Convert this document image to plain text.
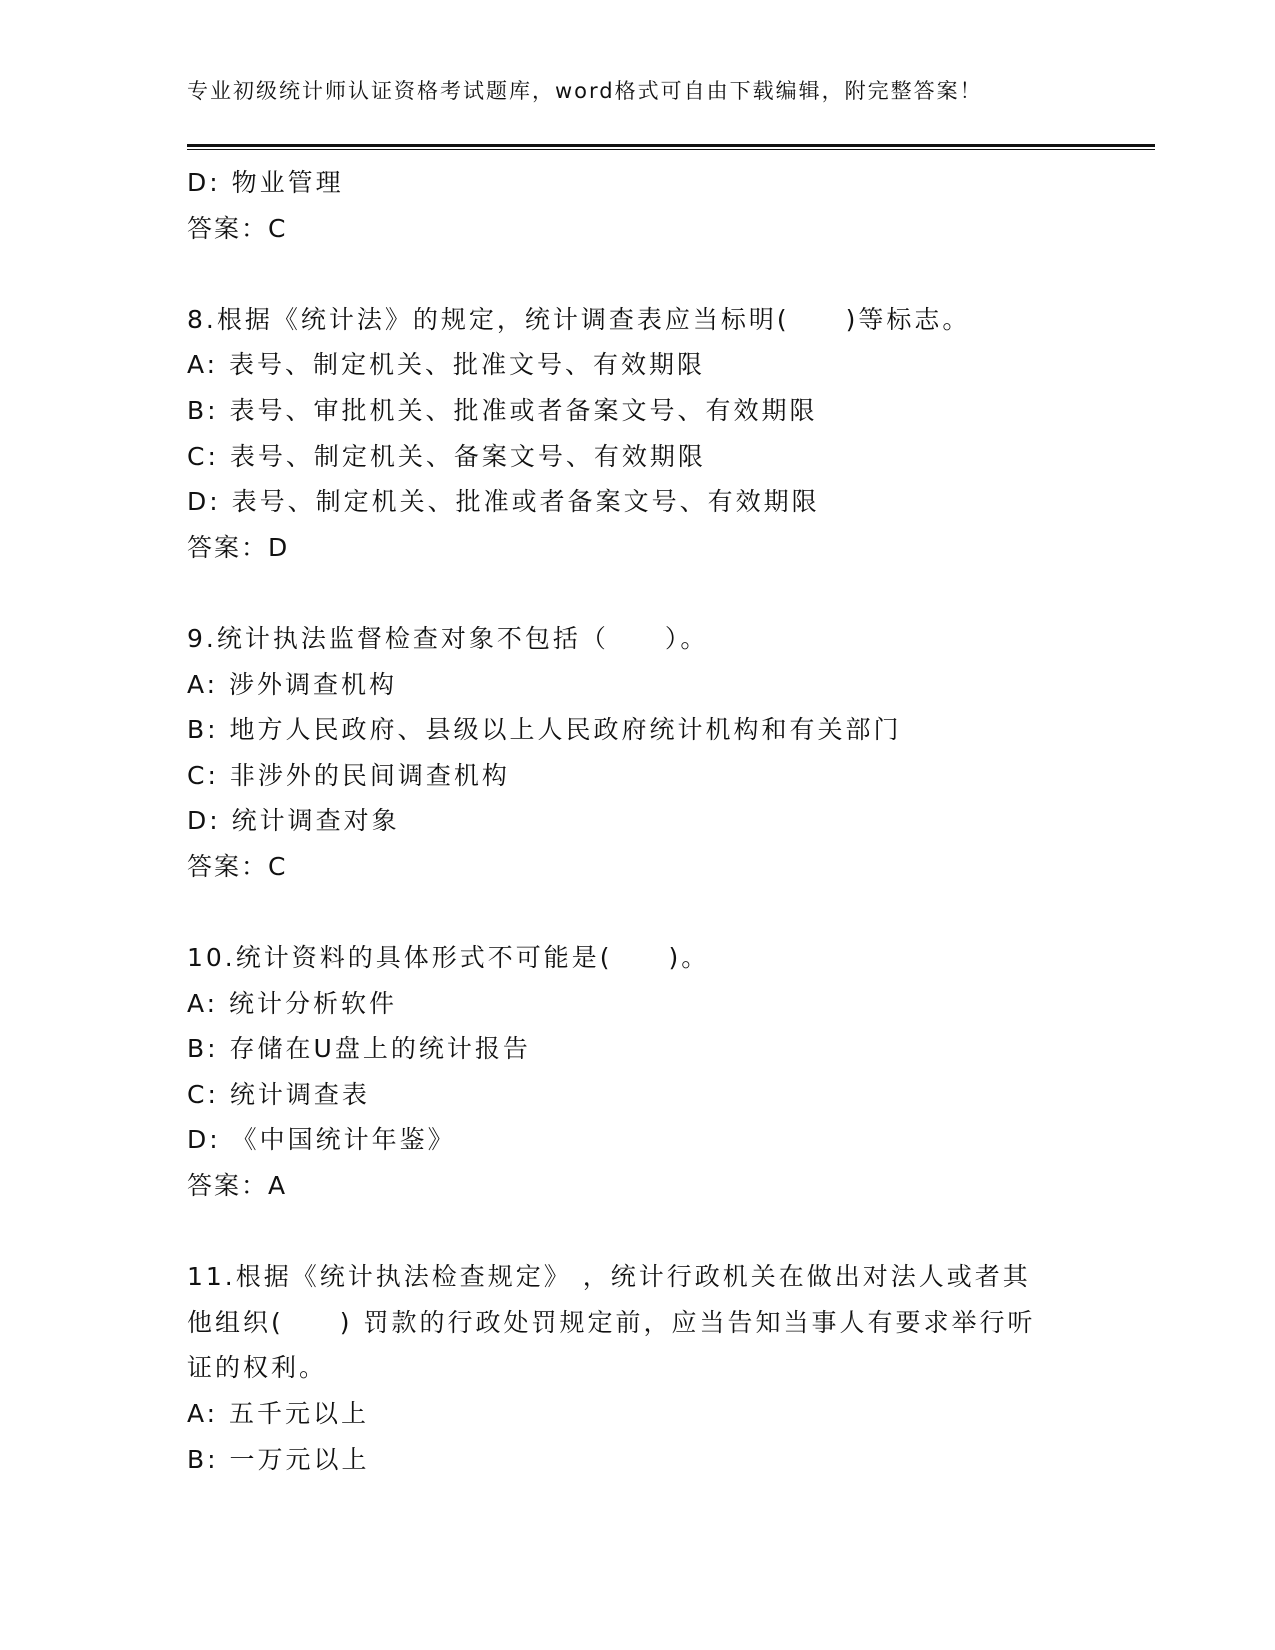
专业初级统计师认证资格考试题库，word格式可自由下载编辑，附完整答案！
D: 物业管理
答案：C
8.根据《统计法》的规定，统计调查表应当标明(　　)等标志。
A: 表号、制定机关、批准文号、有效期限
B: 表号、审批机关、批准或者备案文号、有效期限
C: 表号、制定机关、备案文号、有效期限
D: 表号、制定机关、批准或者备案文号、有效期限
答案：D
9.统计执法监督检查对象不包括（　　）。
A: 涉外调查机构
B: 地方人民政府、县级以上人民政府统计机构和有关部门
C: 非涉外的民间调查机构
D: 统计调查对象
答案：C
10.统计资料的具体形式不可能是(　　)。
A: 统计分析软件
B: 存储在U盘上的统计报告
C: 统计调查表
D: 《中国统计年鉴》
答案：A
11.根据《统计执法检查规定》 ，统计行政机关在做出对法人或者其
他组织(　　) 罚款的行政处罚规定前，应当告知当事人有要求举行听
证的权利。
A: 五千元以上
B: 一万元以上
